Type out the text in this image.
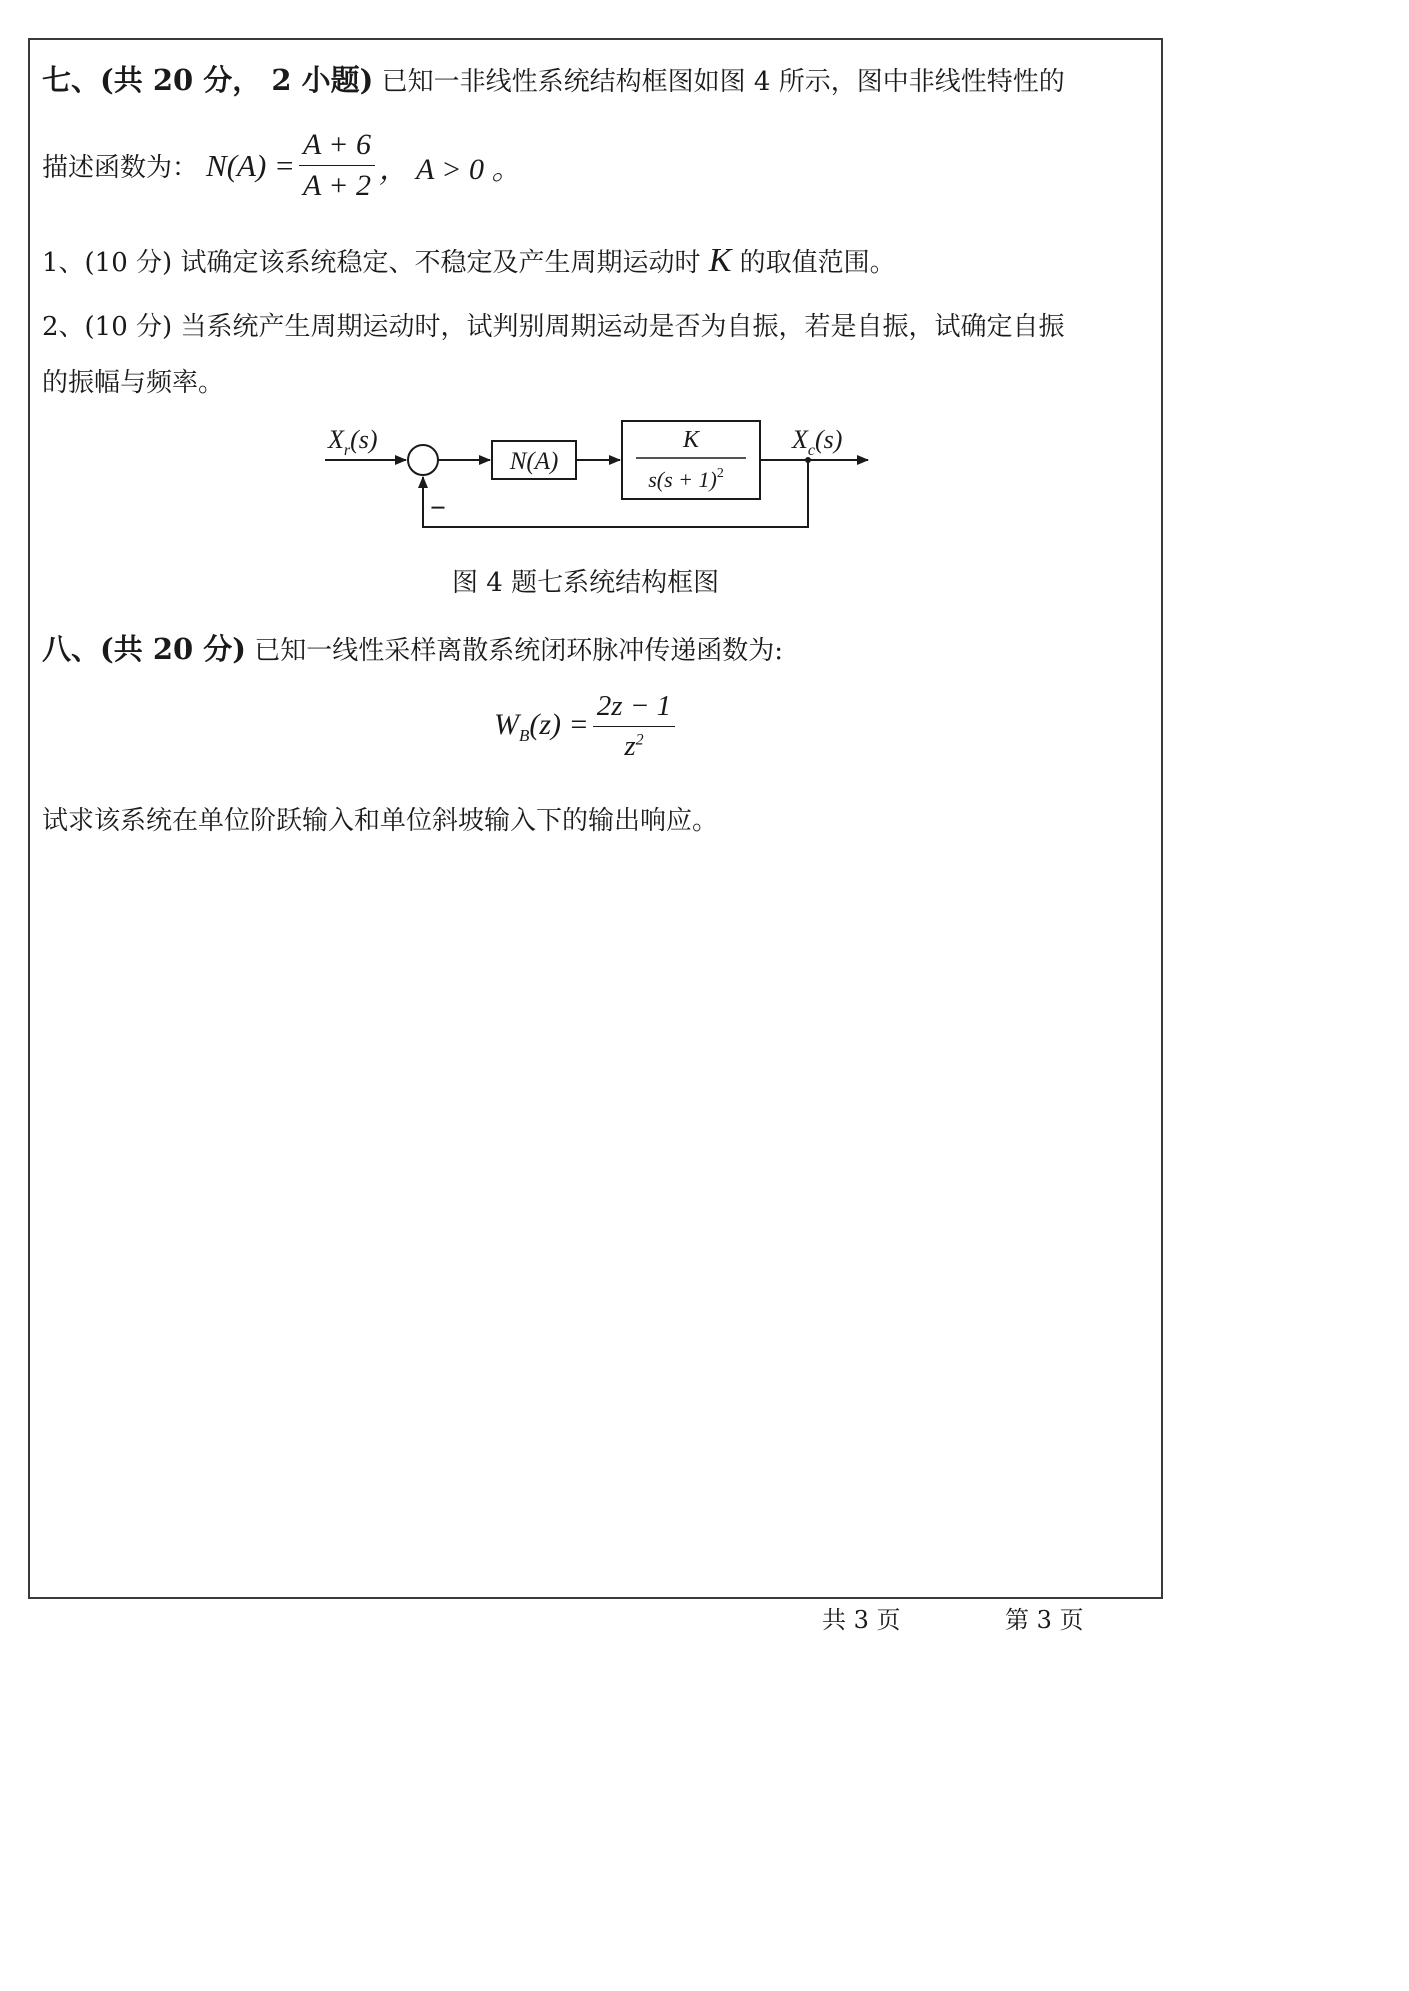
七、(共 20 分， 2 小题) 已知一非线性系统结构框图如图 4 所示，图中非线性特性的
描述函数为： $N(A) = \frac{A + 6}{A + 2}$ ， A > 0 。
1、(10 分) 试确定该系统稳定、不稳定及产生周期运动时 K 的取值范围。
2、(10 分) 当系统产生周期运动时，试判别周期运动是否为自振，若是自振，试确定自振
的振幅与频率。
$X_r(s)$
N(A)
K
$s(s + 1)^2$
$X_c(s)$
−
图 4 题七系统结构框图
八、(共 20 分) 已知一线性采样离散系统闭环脉冲传递函数为:
$W_B(z) = \frac{2z - 1}{z^2}$
试求该系统在单位阶跃输入和单位斜坡输入下的输出响应。
共 3 页	第 3 页
